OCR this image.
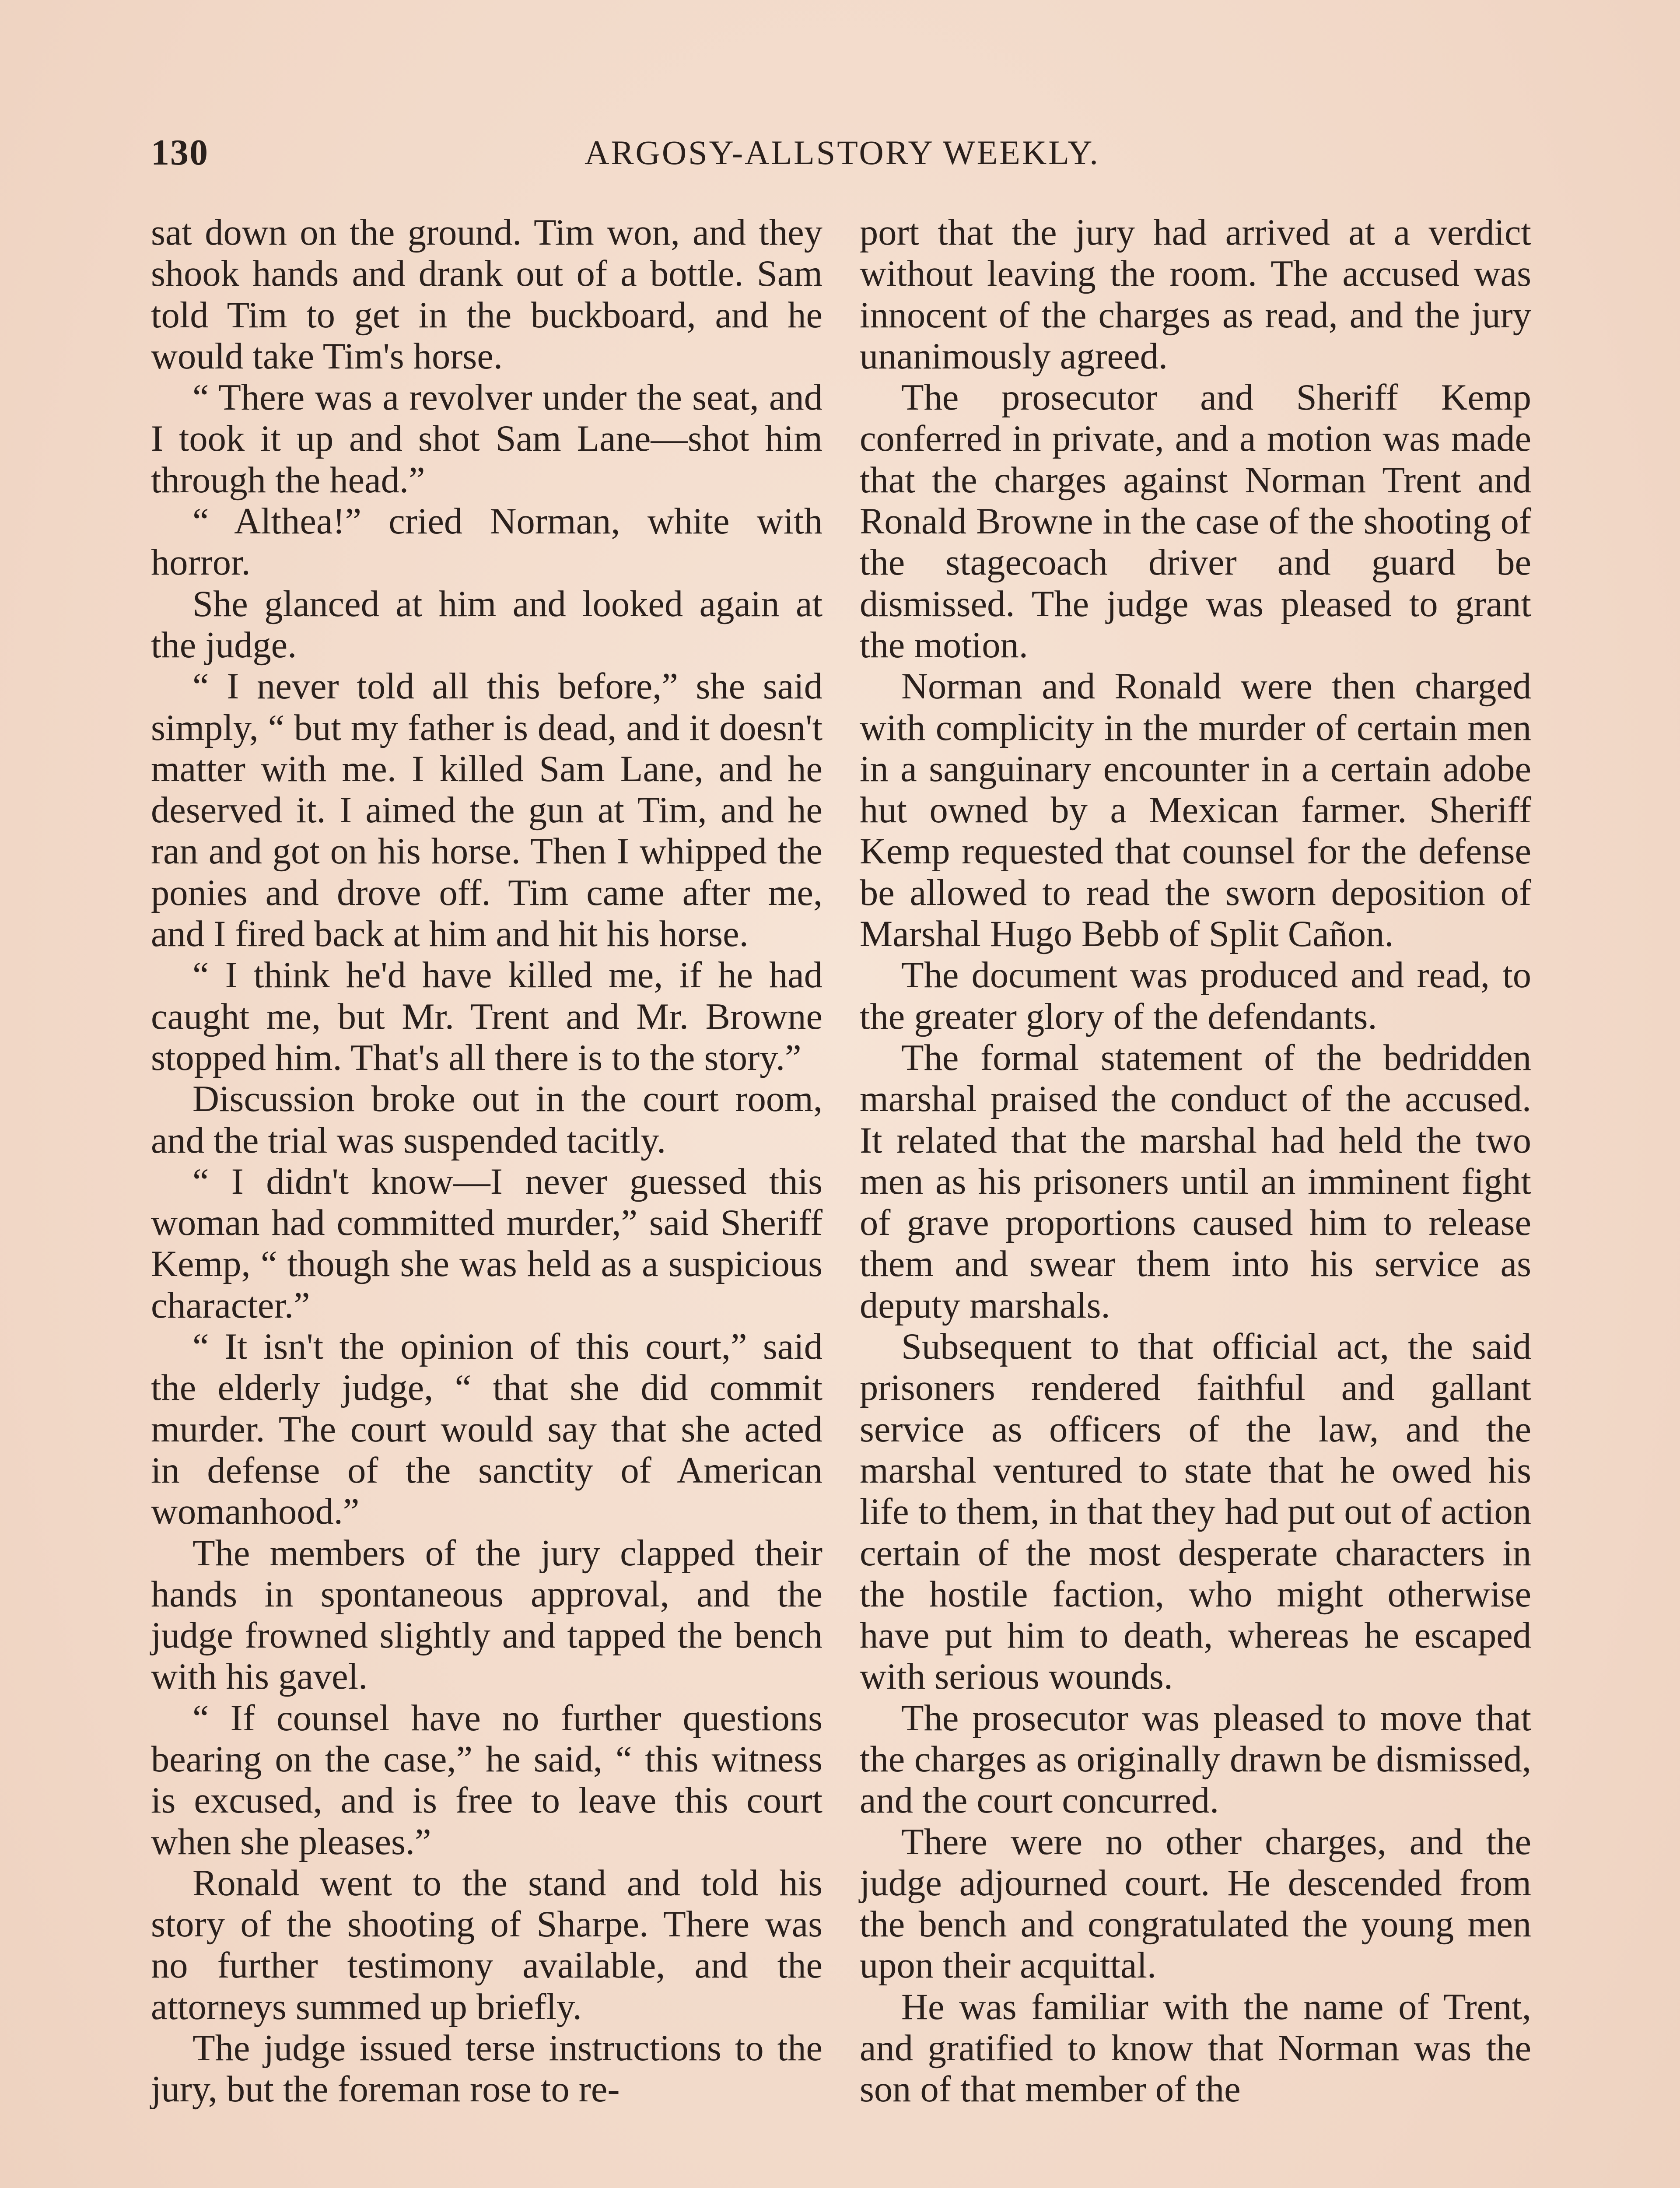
130	ARGOSY-ALLSTORY WEEKLY.

sat down on the ground. Tim won, and they shook hands and drank out of a bottle. Sam told Tim to get in the buckboard, and he would take Tim's horse.

“ There was a revolver under the seat, and I took it up and shot Sam Lane—shot him through the head.”

“ Althea!” cried Norman, white with horror.

She glanced at him and looked again at the judge.

“ I never told all this before,” she said simply, “ but my father is dead, and it doesn't matter with me. I killed Sam Lane, and he deserved it. I aimed the gun at Tim, and he ran and got on his horse. Then I whipped the ponies and drove off. Tim came after me, and I fired back at him and hit his horse.

“ I think he'd have killed me, if he had caught me, but Mr. Trent and Mr. Browne stopped him. That's all there is to the story.”

Discussion broke out in the court room, and the trial was suspended tacitly.

“ I didn't know—I never guessed this woman had committed murder,” said Sheriff Kemp, “ though she was held as a suspicious character.”

“ It isn't the opinion of this court,” said the elderly judge, “ that she did commit murder. The court would say that she acted in defense of the sanctity of American womanhood.”

The members of the jury clapped their hands in spontaneous approval, and the judge frowned slightly and tapped the bench with his gavel.

“ If counsel have no further questions bearing on the case,” he said, “ this witness is excused, and is free to leave this court when she pleases.”

Ronald went to the stand and told his story of the shooting of Sharpe. There was no further testimony available, and the attorneys summed up briefly.

The judge issued terse instructions to the jury, but the foreman rose to re-

port that the jury had arrived at a verdict without leaving the room. The accused was innocent of the charges as read, and the jury unanimously agreed.

The prosecutor and Sheriff Kemp conferred in private, and a motion was made that the charges against Norman Trent and Ronald Browne in the case of the shooting of the stagecoach driver and guard be dismissed. The judge was pleased to grant the motion.

Norman and Ronald were then charged with complicity in the murder of certain men in a sanguinary encounter in a certain adobe hut owned by a Mexican farmer. Sheriff Kemp requested that counsel for the defense be allowed to read the sworn deposition of Marshal Hugo Bebb of Split Cañon.

The document was produced and read, to the greater glory of the defendants.

The formal statement of the bedridden marshal praised the conduct of the accused. It related that the marshal had held the two men as his prisoners until an imminent fight of grave proportions caused him to release them and swear them into his service as deputy marshals.

Subsequent to that official act, the said prisoners rendered faithful and gallant service as officers of the law, and the marshal ventured to state that he owed his life to them, in that they had put out of action certain of the most desperate characters in the hostile faction, who might otherwise have put him to death, whereas he escaped with serious wounds.

The prosecutor was pleased to move that the charges as originally drawn be dismissed, and the court concurred.

There were no other charges, and the judge adjourned court. He descended from the bench and congratulated the young men upon their acquittal.

He was familiar with the name of Trent, and gratified to know that Norman was the son of that member of the
